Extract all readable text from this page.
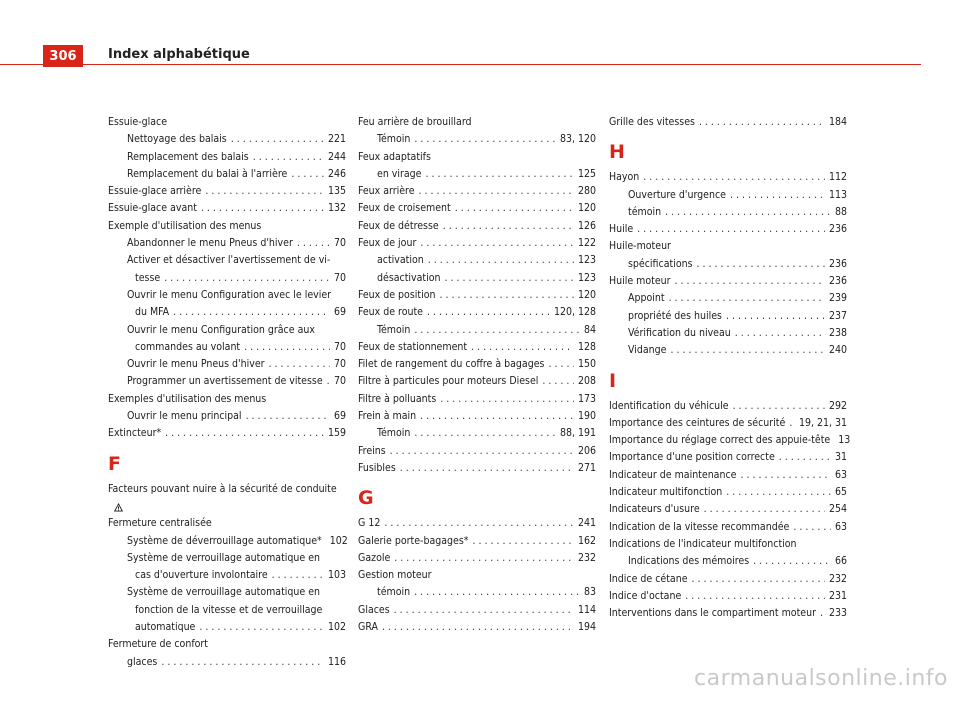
306	Index alphabétique
Essuie-glace
Nettoyage des balais . . .	221
Remplacement des balais . . .	244
Remplacement du balai à l'arrière . . .	246
Essuie-glace arrière . . .	135
Essuie-glace avant . . .	132
Exemple d'utilisation des menus
Abandonner le menu Pneus d'hiver . . .	70
Activer et désactiver l'avertissement de vi-
tesse . . .	70
Ouvrir le menu Configuration avec le levier
du MFA . . .	69
Ouvrir le menu Configuration grâce aux
commandes au volant . . .	70
Ouvrir le menu Pneus d'hiver . . .	70
Programmer un avertissement de vitesse . . . 70
Exemples d'utilisation des menus
Ouvrir le menu principal . . .	69
Extincteur* . . .	159
F
Facteurs pouvant nuire à la sécurité de conduite
!
Fermeture centralisée
Système de déverrouillage automatique* 102
Système de verrouillage automatique en
cas d'ouverture involontaire . . .	103
Système de verrouillage automatique en
fonction de la vitesse et de verrouillage
automatique . . .	102
Fermeture de confort
glaces . . .	116
Feu arrière de brouillard
Témoin . . .	83, 120
Feux adaptatifs
en virage . . .	125
Feux arrière . . .	280
Feux de croisement . . .	120
Feux de détresse . . .	126
Feux de jour . . .	122
activation . . .	123
désactivation . . .	123
Feux de position . . .	120
Feux de route . . .	120, 128
Témoin . . .	84
Feux de stationnement . . .	128
Filet de rangement du coffre à bagages . . .	150
Filtre à particules pour moteurs Diesel . . .	208
Filtre à polluants . . .	173
Frein à main . . .	190
Témoin . . .	88, 191
Freins . . .	206
Fusibles . . .	271
G
G 12 . . .	241
Galerie porte-bagages* . . .	162
Gazole . . .	232
Gestion moteur
témoin . . .	83
Glaces . . .	114
GRA . . .	194
Grille des vitesses . . .	184
H
Hayon . . .	112
Ouverture d'urgence . . .	113
témoin . . .	88
Huile . . .	236
Huile-moteur
spécifications . . .	236
Huile moteur . . .	236
Appoint . . .	239
propriété des huiles . . .	237
Vérification du niveau . . .	238
Vidange . . .	240
I
Identification du véhicule . . .	292
Importance des ceintures de sécurité . . . 19, 21, 31
Importance du réglage correct des appuie-tête 13
Importance d'une position correcte . . .	31
Indicateur de maintenance . . .	63
Indicateur multifonction . . .	65
Indicateurs d'usure . . .	254
Indication de la vitesse recommandée . . .	63
Indications de l'indicateur multifonction
Indications des mémoires . . .	66
Indice de cétane . . .	232
Indice d'octane . . .	231
Interventions dans le compartiment moteur . . . 233
carmanualsonline.info
